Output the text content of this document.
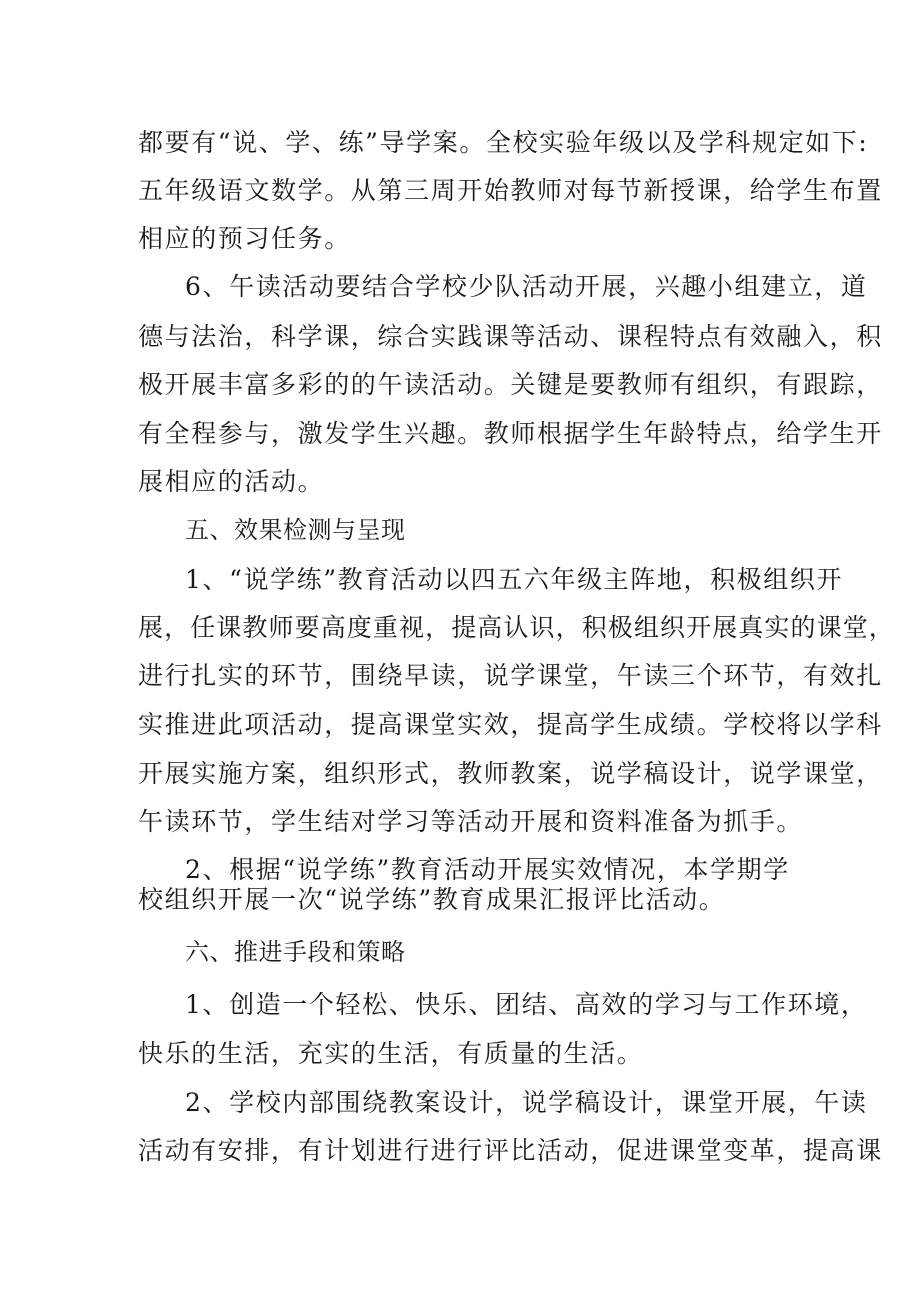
都要有“说、学、练”导学案。全校实验年级以及学科规定如下:
五年级语文数学。从第三周开始教师对每节新授课，给学生布置
相应的预习任务。
6、午读活动要结合学校少队活动开展，兴趣小组建立，道
德与法治，科学课，综合实践课等活动、课程特点有效融入，积
极开展丰富多彩的的午读活动。关键是要教师有组织，有跟踪，
有全程参与，激发学生兴趣。教师根据学生年龄特点，给学生开
展相应的活动。
五、效果检测与呈现
1、“说学练”教育活动以四五六年级主阵地，积极组织开
展，任课教师要高度重视，提高认识，积极组织开展真实的课堂，
进行扎实的环节，围绕早读，说学课堂，午读三个环节，有效扎
实推进此项活动，提高课堂实效，提高学生成绩。学校将以学科
开展实施方案，组织形式，教师教案，说学稿设计，说学课堂，
午读环节，学生结对学习等活动开展和资料准备为抓手。
2、根据“说学练”教育活动开展实效情况，本学期学
校组织开展一次“说学练”教育成果汇报评比活动。
六、推进手段和策略
1、创造一个轻松、快乐、团结、高效的学习与工作环境，
快乐的生活，充实的生活，有质量的生活。
2、学校内部围绕教案设计，说学稿设计，课堂开展，午读
活动有安排，有计划进行进行评比活动，促进课堂变革，提高课
